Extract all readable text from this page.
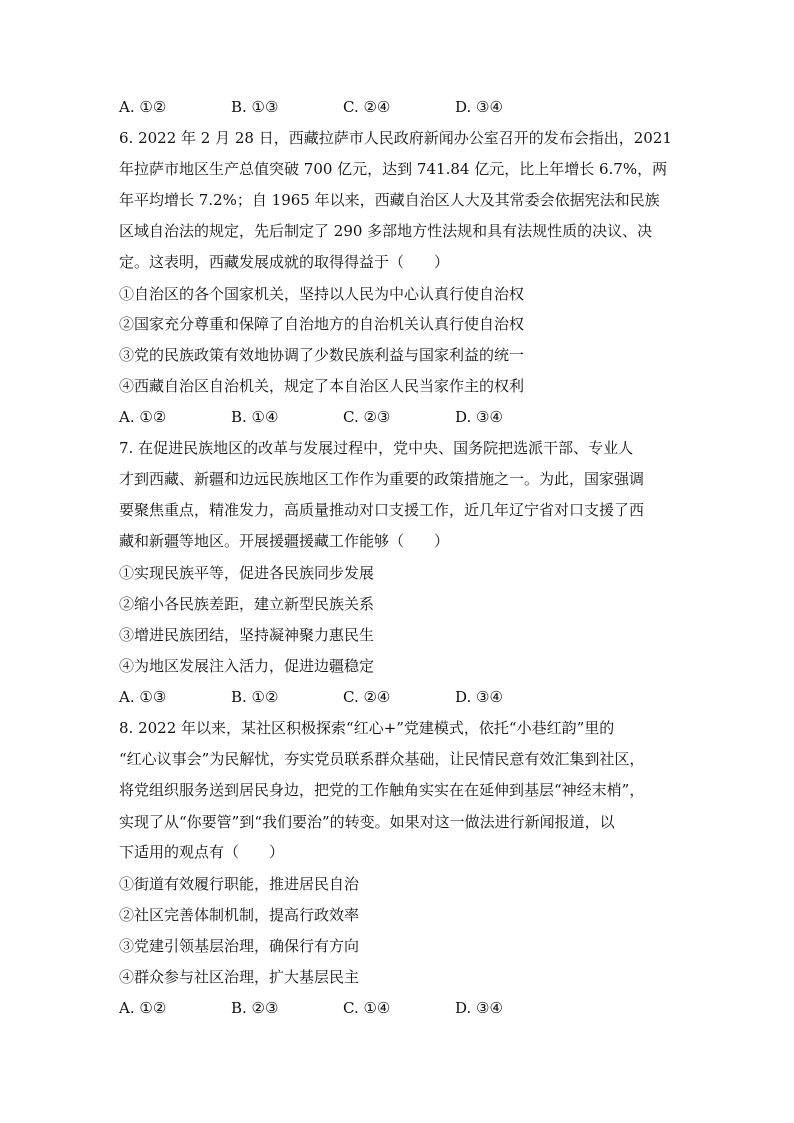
A. ①②	B. ①③	C. ②④	D. ③④
6. 2022 年 2 月 28 日，西藏拉萨市人民政府新闻办公室召开的发布会指出，2021
年拉萨市地区生产总值突破 700 亿元，达到 741.84 亿元，比上年增长 6.7%，两
年平均增长 7.2%；自 1965 年以来，西藏自治区人大及其常委会依据宪法和民族
区域自治法的规定，先后制定了 290 多部地方性法规和具有法规性质的决议、决
定。这表明，西藏发展成就的取得得益于（　　）
①自治区的各个国家机关，坚持以人民为中心认真行使自治权
②国家充分尊重和保障了自治地方的自治机关认真行使自治权
③党的民族政策有效地协调了少数民族利益与国家利益的统一
④西藏自治区自治机关，规定了本自治区人民当家作主的权利
A. ①②	B. ①④	C. ②③	D. ③④
7. 在促进民族地区的改革与发展过程中，党中央、国务院把选派干部、专业人
才到西藏、新疆和边远民族地区工作作为重要的政策措施之一。为此，国家强调
要聚焦重点，精准发力，高质量推动对口支援工作，近几年辽宁省对口支援了西
藏和新疆等地区。开展援疆援藏工作能够（　　）
①实现民族平等，促进各民族同步发展
②缩小各民族差距，建立新型民族关系
③增进民族团结，坚持凝神聚力惠民生
④为地区发展注入活力，促进边疆稳定
A. ①③	B. ①②	C. ②④	D. ③④
8. 2022 年以来，某社区积极探索“红心+”党建模式，依托“小巷红韵”里的
“红心议事会”为民解忧，夯实党员联系群众基础，让民情民意有效汇集到社区，
将党组织服务送到居民身边，把党的工作触角实实在在延伸到基层“神经末梢”，
实现了从“你要管”到“我们要治”的转变。如果对这一做法进行新闻报道，以
下适用的观点有（　　）
①街道有效履行职能，推进居民自治
②社区完善体制机制，提高行政效率
③党建引领基层治理，确保行有方向
④群众参与社区治理，扩大基层民主
A. ①②	B. ②③	C. ①④	D. ③④
